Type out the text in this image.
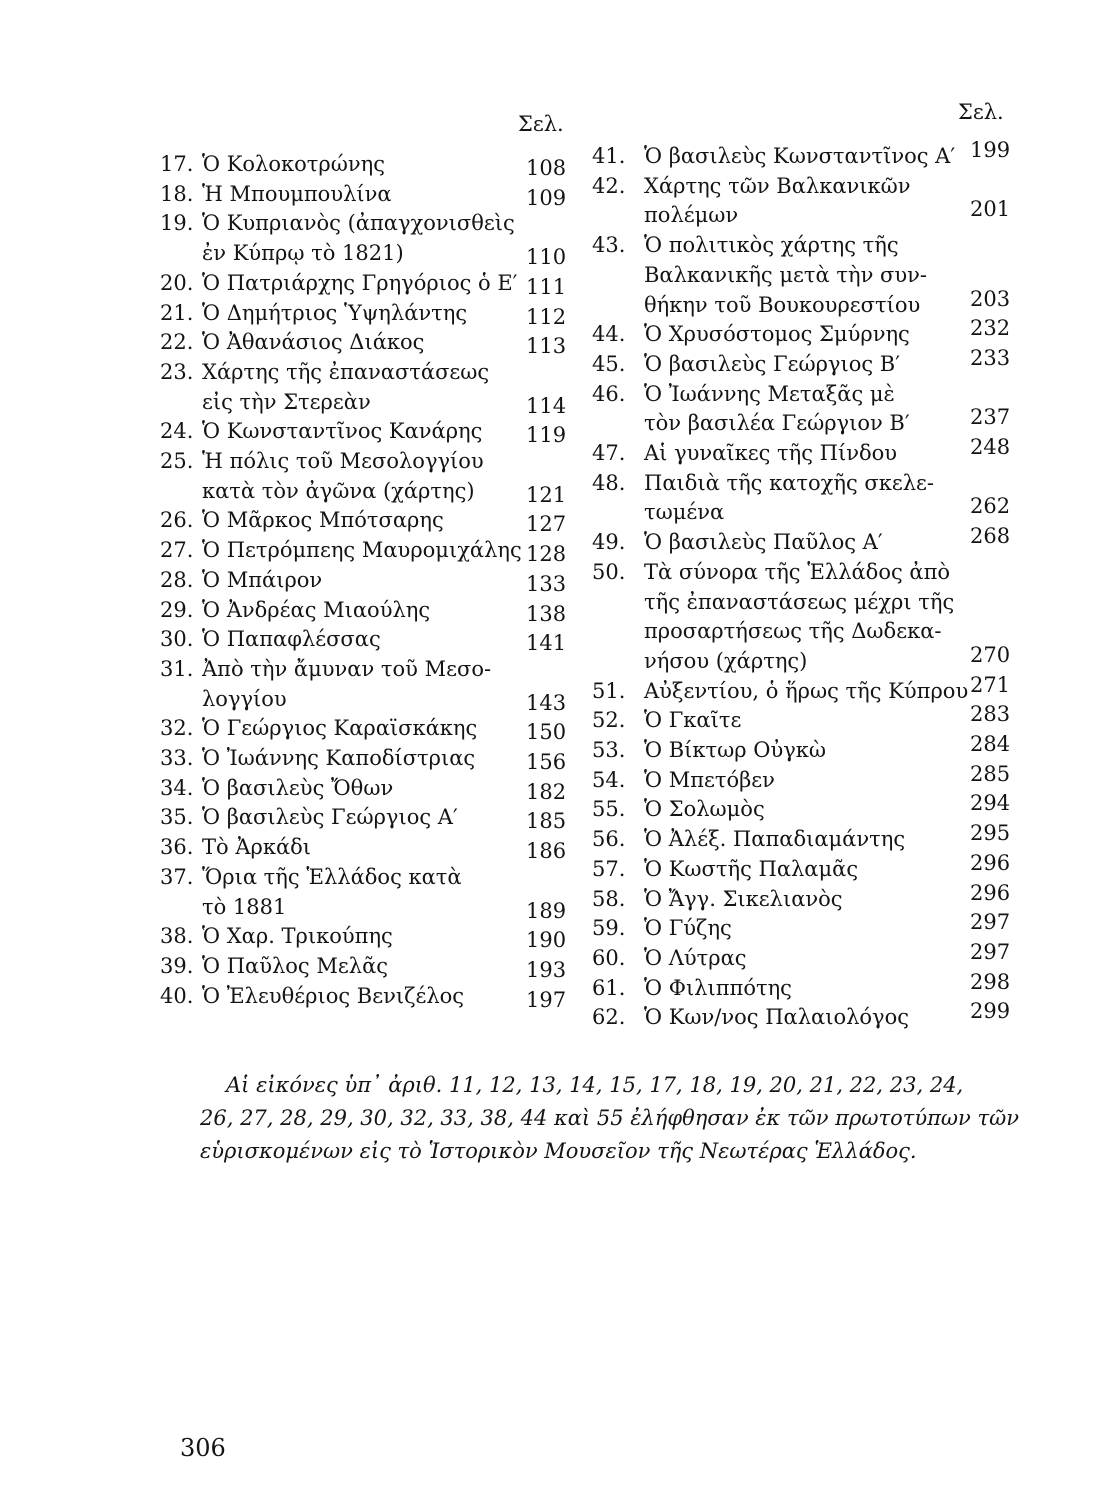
Σελ.
17. Ὁ Κολοκοτρώνης	108
18. Ἡ Μπουμπουλίνα	109
19. Ὁ Κυπριανὸς (ἀπαγχονισθεὶς
ἐν Κύπρῳ τὸ 1821)	110
20. Ὁ Πατριάρχης Γρηγόριος ὁ Ε′ 111
21. Ὁ Δημήτριος Ὑψηλάντης	112
22. Ὁ Ἀθανάσιος Διάκος	113
23. Χάρτης τῆς ἐπαναστάσεως
εἰς τὴν Στερεὰν	114
24. Ὁ Κωνσταντῖνος Κανάρης 119
25. Ἡ πόλις τοῦ Μεσολογγίου
κατὰ τὸν ἀγῶνα (χάρτης) 121
26. Ὁ Μᾶρκος Μπότσαρης	127
27. Ὁ Πετρόμπεης Μαυρομιχάλης 128
28. Ὁ Μπάιρον	133
29. Ὁ Ἀνδρέας Μιαούλης	138
30. Ὁ Παπαφλέσσας	141
31. Ἀπὸ τὴν ἄμυναν τοῦ Μεσο-
λογγίου	143
32. Ὁ Γεώργιος Καραϊσκάκης 150
33. Ὁ Ἰωάννης Καποδίστριας 156
34. Ὁ βασιλεὺς Ὄθων	182
35. Ὁ βασιλεὺς Γεώργιος Α′	185
36. Τὸ Ἀρκάδι	186
37. Ὅρια τῆς Ἑλλάδος κατὰ
τὸ 1881	189
38. Ὁ Χαρ. Τρικούπης	190
39. Ὁ Παῦλος Μελᾶς	193
40. Ὁ Ἐλευθέριος Βενιζέλος	197
Σελ.
41. Ὁ βασιλεὺς Κωνσταντῖνος Α′ 199
42. Χάρτης τῶν Βαλκανικῶν
πολέμων	201
43. Ὁ πολιτικὸς χάρτης τῆς
Βαλκανικῆς μετὰ τὴν συν-
θήκην τοῦ Βουκουρεστίου 203
44. Ὁ Χρυσόστομος Σμύρνης	232
45. Ὁ βασιλεὺς Γεώργιος Β′	233
46. Ὁ Ἰωάννης Μεταξᾶς μὲ
τὸν βασιλέα Γεώργιον Β′	237
47. Αἱ γυναῖκες τῆς Πίνδου	248
48. Παιδιὰ τῆς κατοχῆς σκελε-
τωμένα	262
49. Ὁ βασιλεὺς Παῦλος Α′	268
50. Τὰ σύνορα τῆς Ἑλλάδος ἀπὸ
τῆς ἐπαναστάσεως μέχρι τῆς
προσαρτήσεως τῆς Δωδεκα-
νήσου (χάρτης)	270
51. Αὐξεντίου, ὁ ἥρως τῆς Κύπρου 271
52. Ὁ Γκαῖτε	283
53. Ὁ Βίκτωρ Οὐγκὼ	284
54. Ὁ Μπετόβεν	285
55. Ὁ Σολωμὸς	294
56. Ὁ Ἀλέξ. Παπαδιαμάντης	295
57. Ὁ Κωστῆς Παλαμᾶς	296
58. Ὁ Ἄγγ. Σικελιανὸς	296
59. Ὁ Γύζης	297
60. Ὁ Λύτρας	297
61. Ὁ Φιλιππότης	298
62. Ὁ Κων/νος Παλαιολόγος	299
Αἱ εἰκόνες ὑπ᾽ ἀριθ. 11, 12, 13, 14, 15, 17, 18, 19, 20, 21, 22, 23, 24,
26, 27, 28, 29, 30, 32, 33, 38, 44 καὶ 55 ἐλήφθησαν ἐκ τῶν πρωτοτύπων τῶν
εὑρισκομένων εἰς τὸ Ἱστορικὸν Μουσεῖον τῆς Νεωτέρας Ἑλλάδος.
306
